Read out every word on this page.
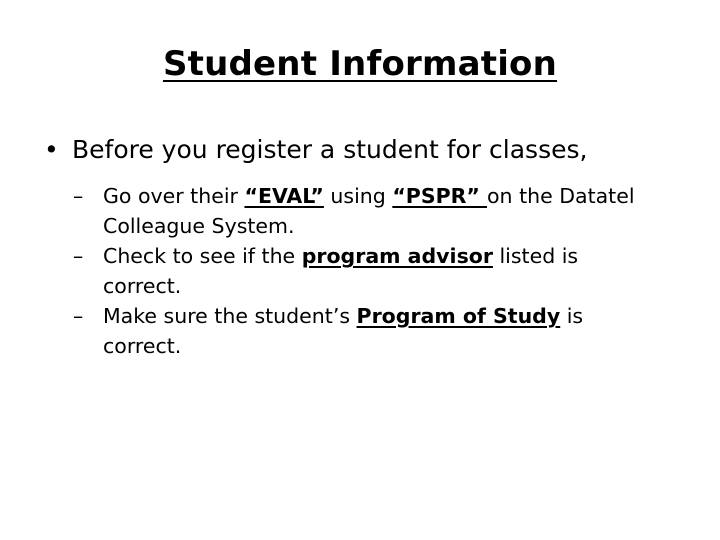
Student Information
• Before you register a student for classes,
– Go over their “EVAL” using “PSPR” on the Datatel
Colleague System.
– Check to see if the program advisor listed is
correct.
– Make sure the student’s Program of Study is
correct.
